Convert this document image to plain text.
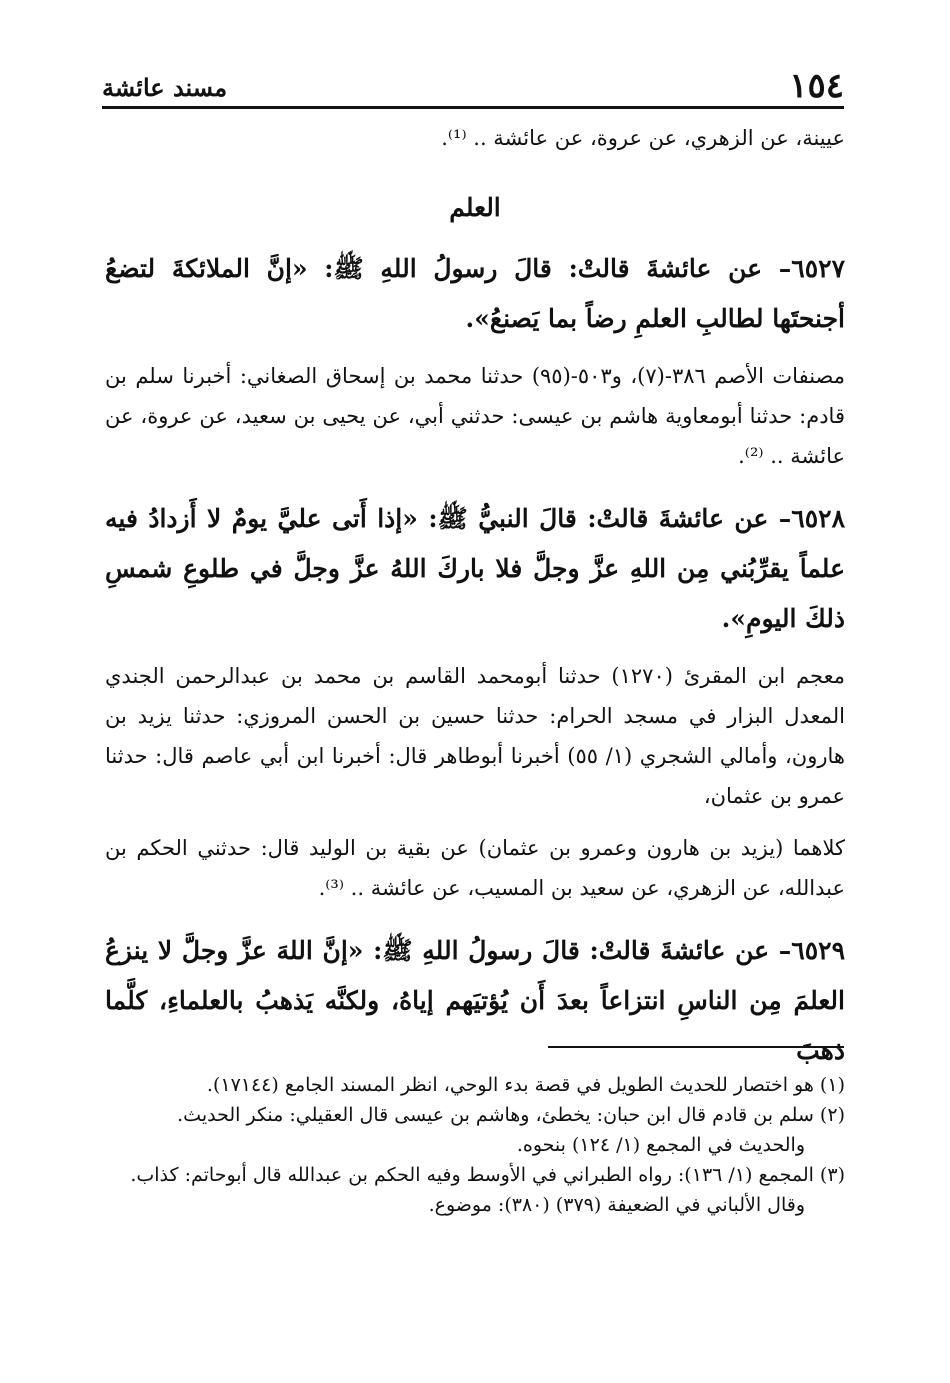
١٥٤
مسند عائشة

عيينة، عن الزهري، عن عروة، عن عائشة .. ⁽¹⁾.

العلم

٦٥٢٧– عن عائشةَ قالتْ: قالَ رسولُ اللهِ ﷺ: «إنَّ الملائكةَ لتضعُ أجنحتَها لطالبِ العلمِ رضاً بما يَصنعُ».

مصنفات الأصم ٣٨٦-(٧)، و٥٠٣-(٩٥) حدثنا محمد بن إسحاق الصغاني: أخبرنا سلم بن قادم: حدثنا أبومعاوية هاشم بن عيسى: حدثني أبي، عن يحيى بن سعيد، عن عروة، عن عائشة .. ⁽²⁾.

٦٥٢٨– عن عائشةَ قالتْ: قالَ النبيُّ ﷺ: «إذا أَتى عليَّ يومٌ لا أَزدادُ فيه علماً يقرِّبُني مِن اللهِ عزَّ وجلَّ فلا باركَ اللهُ عزَّ وجلَّ في طلوعِ شمسِ ذلكَ اليومِ».

معجم ابن المقرئ (١٢٧٠) حدثنا أبومحمد القاسم بن محمد بن عبدالرحمن الجندي المعدل البزار في مسجد الحرام: حدثنا حسين بن الحسن المروزي: حدثنا يزيد بن هارون، وأمالي الشجري (١/ ٥٥) أخبرنا أبوطاهر قال: أخبرنا ابن أبي عاصم قال: حدثنا عمرو بن عثمان،

كلاهما (يزيد بن هارون وعمرو بن عثمان) عن بقية بن الوليد قال: حدثني الحكم بن عبدالله، عن الزهري، عن سعيد بن المسيب، عن عائشة .. ⁽³⁾.

٦٥٢٩– عن عائشةَ قالتْ: قالَ رسولُ اللهِ ﷺ: «إنَّ اللهَ عزَّ وجلَّ لا ينزعُ العلمَ مِن الناسِ انتزاعاً بعدَ أَن يُؤتيَهم إياهُ، ولكنَّه يَذهبُ بالعلماءِ، كلَّما ذهبَ

(١) هو اختصار للحديث الطويل في قصة بدء الوحي، انظر المسند الجامع (١٧١٤٤).

(٢) سلم بن قادم قال ابن حبان: يخطئ، وهاشم بن عيسى قال العقيلي: منكر الحديث.

والحديث في المجمع (١/ ١٢٤) بنحوه.

(٣) المجمع (١/ ١٣٦): رواه الطبراني في الأوسط وفيه الحكم بن عبدالله قال أبوحاتم: كذاب.

وقال الألباني في الضعيفة (٣٧٩) (٣٨٠): موضوع.
